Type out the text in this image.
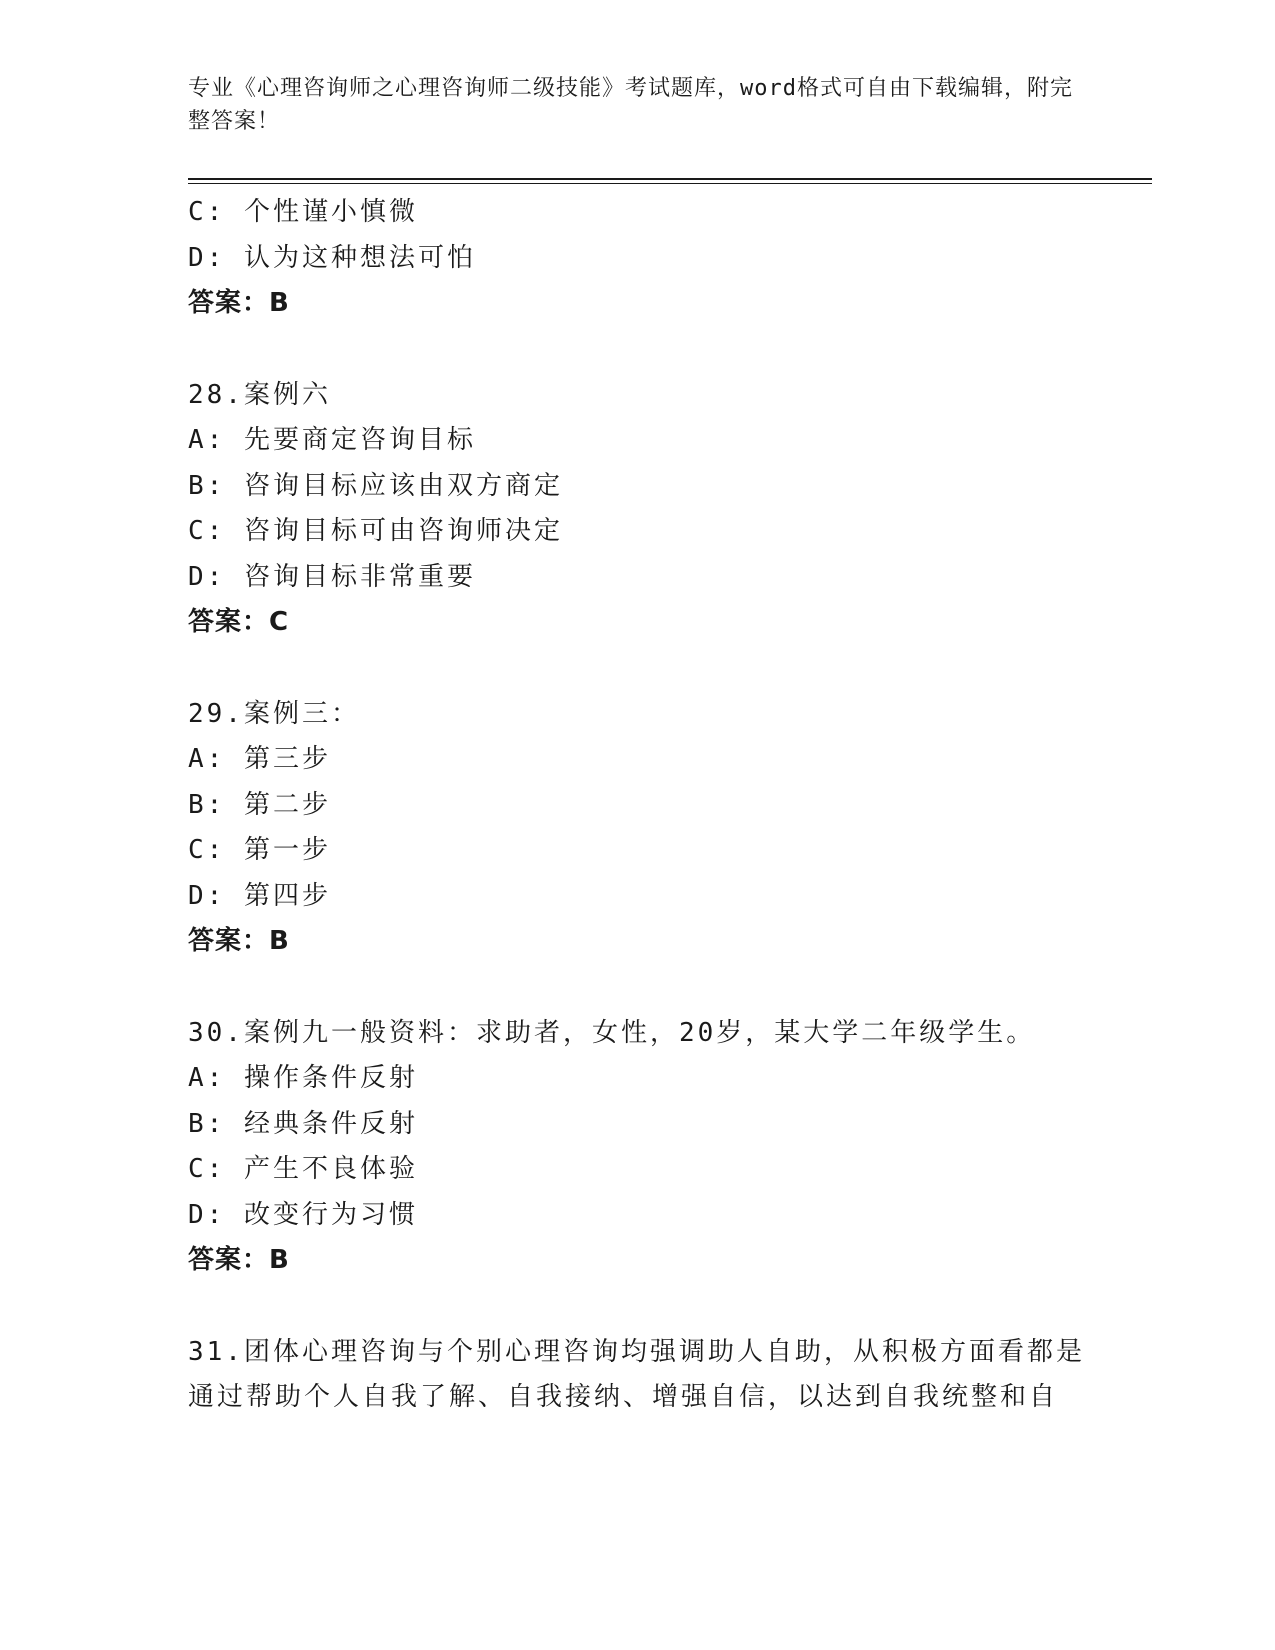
专业《心理咨询师之心理咨询师二级技能》考试题库，word格式可自由下载编辑，附完整答案！
C: 个性谨小慎微
D: 认为这种想法可怕
答案：B
28.案例六
A: 先要商定咨询目标
B: 咨询目标应该由双方商定
C: 咨询目标可由咨询师决定
D: 咨询目标非常重要
答案：C
29.案例三：
A: 第三步
B: 第二步
C: 第一步
D: 第四步
答案：B
30.案例九一般资料：求助者，女性，20岁，某大学二年级学生。
A: 操作条件反射
B: 经典条件反射
C: 产生不良体验
D: 改变行为习惯
答案：B
31.团体心理咨询与个别心理咨询均强调助人自助，从积极方面看都是
通过帮助个人自我了解、自我接纳、增强自信，以达到自我统整和自
